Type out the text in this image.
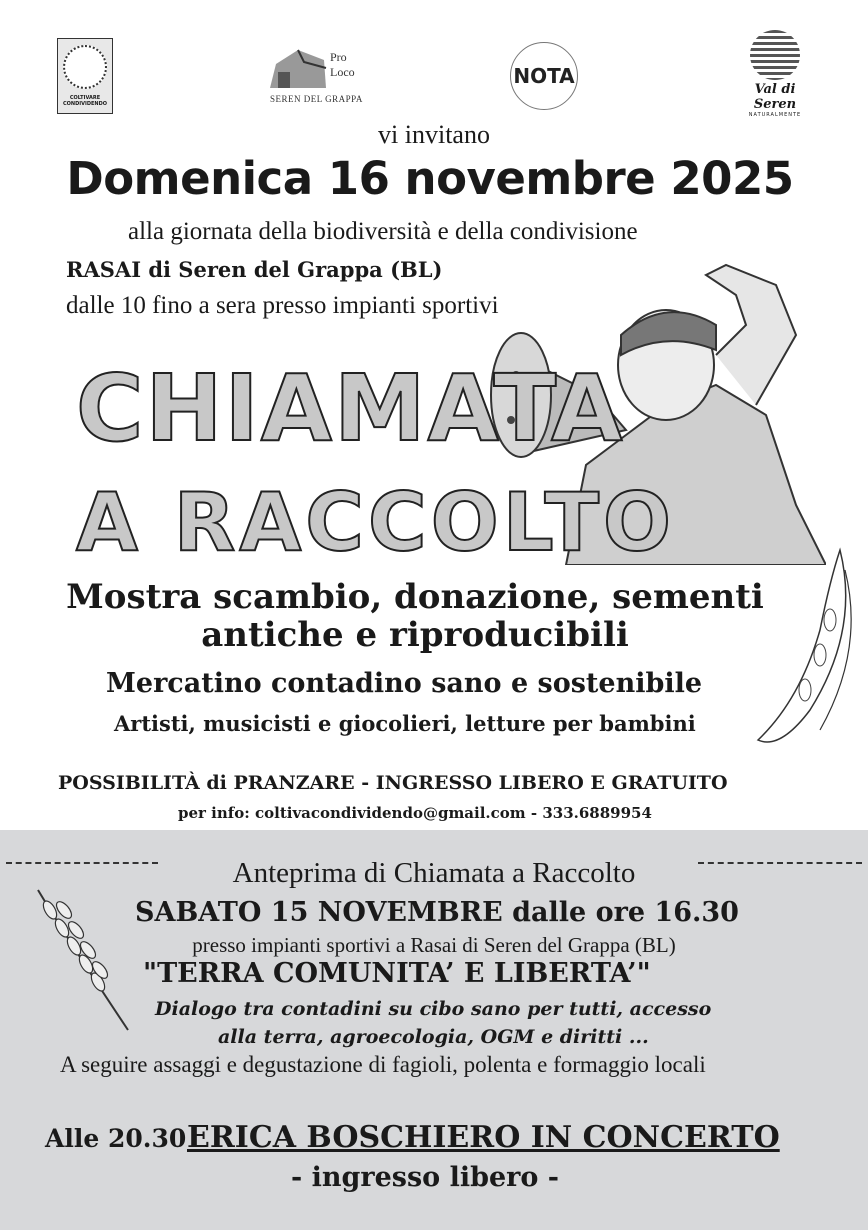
COLTIVARE CONDIVIDENDO
Pro
Loco
SEREN DEL GRAPPA
NOTA
Val di Seren
NATURALMENTE
vi invitano
Domenica 16 novembre 2025
alla giornata della biodiversità e della condivisione
RASAI di Seren del Grappa (BL)
dalle 10 fino a sera presso impianti sportivi
CHIAMATA
A RACCOLTO
Mostra scambio, donazione, sementi antiche e riproducibili
Mercatino contadino sano e sostenibile
Artisti, musicisti e giocolieri, letture per bambini
POSSIBILITÀ di PRANZARE - INGRESSO LIBERO E GRATUITO
per info: coltivacondividendo@gmail.com - 333.6889954
Anteprima di Chiamata a Raccolto
SABATO 15 NOVEMBRE dalle ore 16.30
presso impianti sportivi a Rasai di Seren del Grappa (BL)
"TERRA COMUNITA’ E LIBERTA’"
Dialogo tra contadini su cibo sano per tutti, accesso
alla terra, agroecologia, OGM e diritti ...
A seguire assaggi e degustazione di fagioli, polenta e formaggio locali
Alle 20.30 ERICA BOSCHIERO IN CONCERTO
- ingresso libero -
